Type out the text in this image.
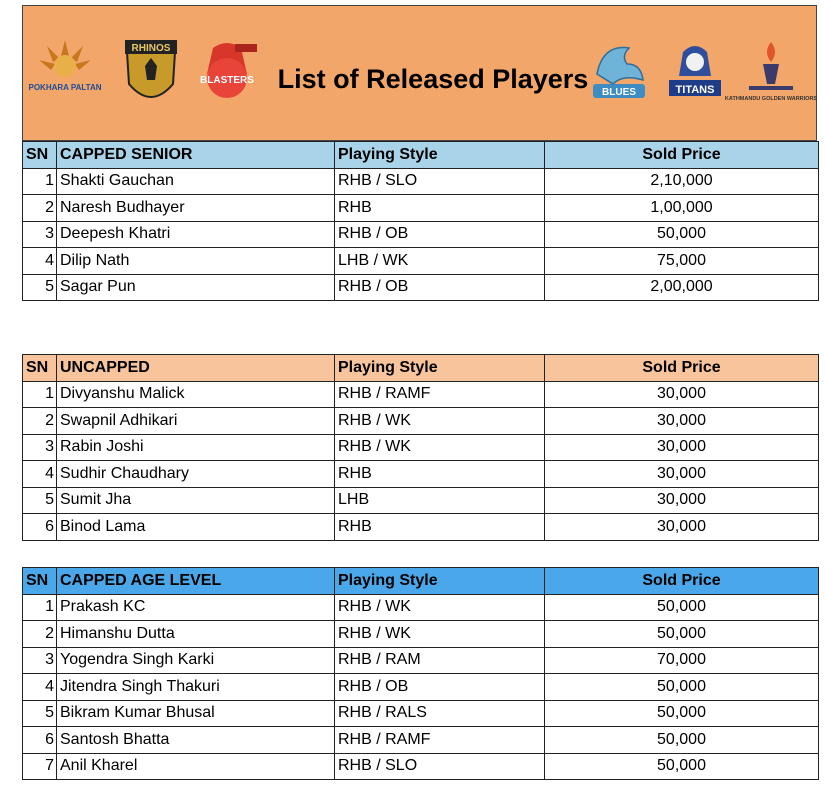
POKHARA PALTAN
RHINOS
BLASTERS List of Released Players	BLUES	TITANS
KATHMANDU GOLDEN WARRIORS
SN	CAPPED SENIOR	Playing Style	Sold Price
1	Shakti Gauchan	RHB / SLO	2,10,000
2	Naresh Budhayer	RHB	1,00,000
3	Deepesh Khatri	RHB / OB	50,000
4	Dilip Nath	LHB / WK	75,000
5	Sagar Pun	RHB / OB	2,00,000
SN	UNCAPPED	Playing Style	Sold Price
1	Divyanshu Malick	RHB / RAMF	30,000
2	Swapnil Adhikari	RHB / WK	30,000
3	Rabin Joshi	RHB / WK	30,000
4	Sudhir Chaudhary	RHB	30,000
5	Sumit Jha	LHB	30,000
6	Binod Lama	RHB	30,000
SN	CAPPED AGE LEVEL	Playing Style	Sold Price
1	Prakash KC	RHB / WK	50,000
2	Himanshu Dutta	RHB / WK	50,000
3	Yogendra Singh Karki	RHB / RAM	70,000
4	Jitendra Singh Thakuri	RHB / OB	50,000
5	Bikram Kumar Bhusal	RHB / RALS	50,000
6	Santosh Bhatta	RHB / RAMF	50,000
7	Anil Kharel	RHB / SLO	50,000
